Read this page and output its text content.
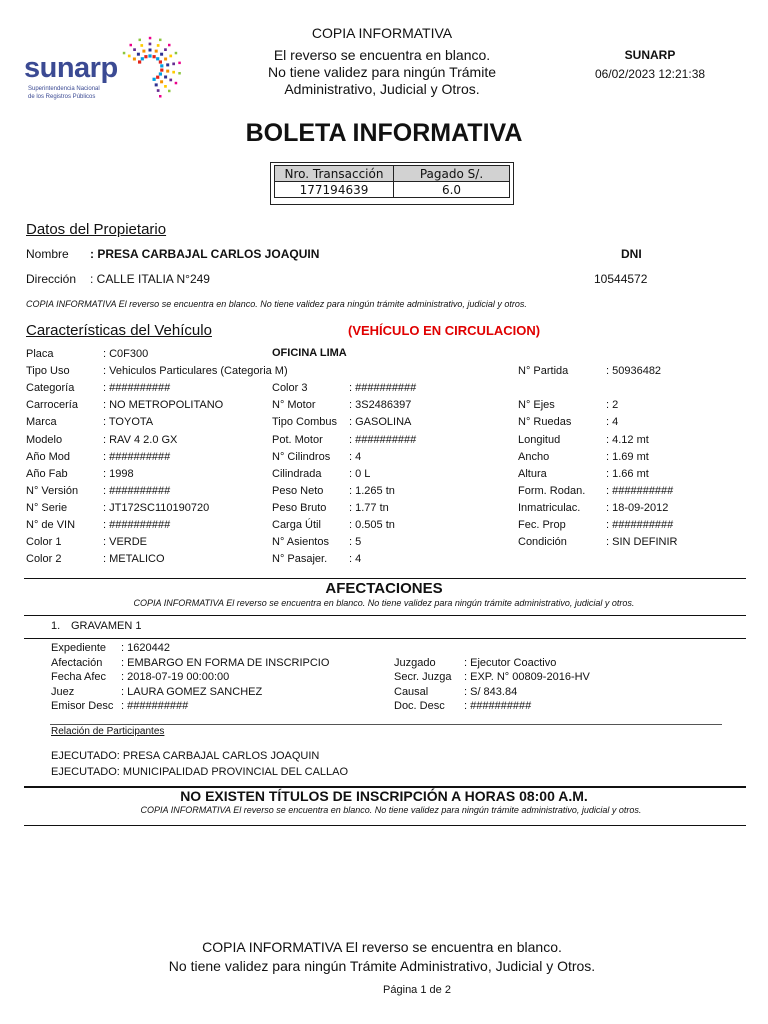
sunarp
Superintendencia Nacional
de los Registros Públicos
COPIA INFORMATIVA
El reverso se encuentra en blanco.
No tiene validez para ningún Trámite
Administrativo, Judicial y Otros.
SUNARP
06/02/2023 12:21:38
BOLETA INFORMATIVA
Nro. Transacción	Pagado S/.
177194639	6.0
Datos del Propietario
Nombre : PRESA CARBAJAL CARLOS JOAQUIN	DNI
Dirección : CALLE ITALIA N°249	10544572
COPIA INFORMATIVA El reverso se encuentra en blanco. No tiene validez para ningún trámite administrativo, judicial y otros.
Características del Vehículo	(VEHÍCULO EN CIRCULACION)
OFICINA LIMA
Placa	: C0F300
Tipo Uso	: Vehiculos Particulares (Categoria M)
Categoría	: ##########
Carrocería : NO METROPOLITANO
Marca	: TOYOTA
Modelo	: RAV 4 2.0 GX
Año Mod	: ##########
Año Fab	: 1998
N° Versión : ##########
N° Serie	: JT172SC110190720
N° de VIN	: ##########
Color 1	: VERDE
Color 2	: METALICO
Color 3	: ##########
N° Motor	: 3S2486397
Tipo Combus : GASOLINA
Pot. Motor : ##########
N° Cilindros : 4
Cilindrada : 0 L
Peso Neto : 1.265 tn
Peso Bruto : 1.77 tn
Carga Útil	: 0.505 tn
N° Asientos : 5
N° Pasajer. : 4
N° Partida	: 50936482
N° Ejes	: 2
N° Ruedas	: 4
Longitud	: 4.12 mt
Ancho	: 1.69 mt
Altura	: 1.66 mt
Form. Rodan. : ##########
Inmatriculac. : 18-09-2012
Fec. Prop	: ##########
Condición	: SIN DEFINIR
AFECTACIONES
COPIA INFORMATIVA El reverso se encuentra en blanco. No tiene validez para ningún trámite administrativo, judicial y otros.
1. GRAVAMEN 1
Expediente : 1620442
Afectación : EMBARGO EN FORMA DE INSCRIPCIO
Fecha Afec : 2018-07-19 00:00:00
Juez	: LAURA GOMEZ SANCHEZ
Emisor Desc : ##########
Juzgado	: Ejecutor Coactivo
Secr. Juzga : EXP. N° 00809-2016-HV
Causal	: S/ 843.84
Doc. Desc : ##########
Relación de Participantes
EJECUTADO: PRESA CARBAJAL CARLOS JOAQUIN
EJECUTADO: MUNICIPALIDAD PROVINCIAL DEL CALLAO
NO EXISTEN TÍTULOS DE INSCRIPCIÓN A HORAS 08:00 A.M.
COPIA INFORMATIVA El reverso se encuentra en blanco. No tiene validez para ningún trámite administrativo, judicial y otros.
COPIA INFORMATIVA El reverso se encuentra en blanco.
No tiene validez para ningún Trámite Administrativo, Judicial y Otros.
Página 1 de 2
